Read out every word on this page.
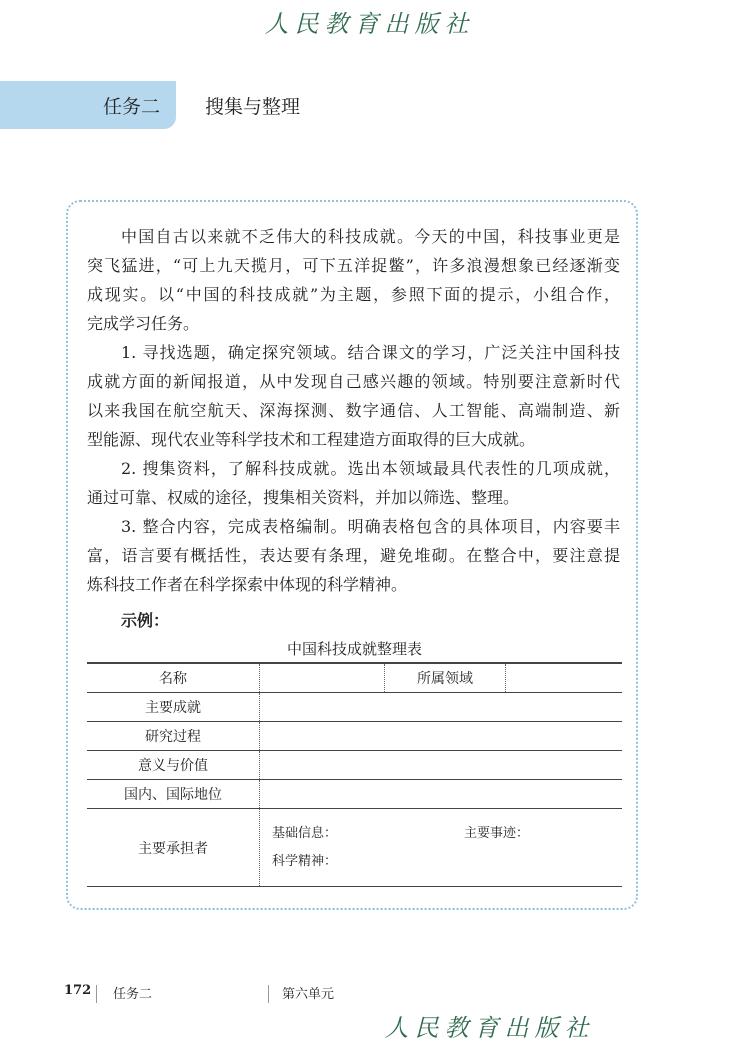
人民教育出版社
任务二 搜集与整理
中国自古以来就不乏伟大的科技成就。今天的中国，科技事业更是
突飞猛进，“可上九天揽月，可下五洋捉鳖”，许多浪漫想象已经逐渐变
成现实。以“中国的科技成就”为主题，参照下面的提示，小组合作，
完成学习任务。
1. 寻找选题，确定探究领域。结合课文的学习，广泛关注中国科技
成就方面的新闻报道，从中发现自己感兴趣的领域。特别要注意新时代
以来我国在航空航天、深海探测、数字通信、人工智能、高端制造、新
型能源、现代农业等科学技术和工程建造方面取得的巨大成就。
2. 搜集资料，了解科技成就。选出本领域最具代表性的几项成就，
通过可靠、权威的途径，搜集相关资料，并加以筛选、整理。
3. 整合内容，完成表格编制。明确表格包含的具体项目，内容要丰
富，语言要有概括性，表达要有条理，避免堆砌。在整合中，要注意提
炼科技工作者在科学探索中体现的科学精神。
示例：
中国科技成就整理表
名称		所属领域	
主要成就			
研究过程			
意义与价值			
国内、国际地位			
主要承担者	基础信息： 主要事迹：
科学精神：		
172 任务二	第六单元
人民教育出版社
